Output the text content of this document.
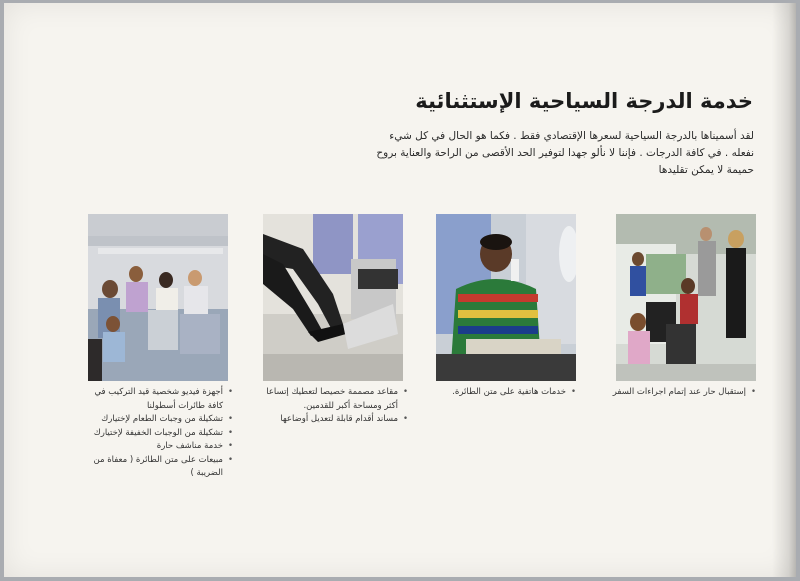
خدمة الدرجة السياحية الإستثنائية
لقد أسميناها بالدرجة السياحية لسعرها الإقتصادي فقط . فكما هو الحال في كل شيء نفعله . في كافة الدرجات . فإننا لا نألو جهدا لتوفير الحد الأقصى من الراحة والعناية بروح حميمة لا يمكن تقليدها
• أجهزة فيديو شخصية قيد التركيب في كافة طائرات أسطولنا
• تشكيلة من وجبات الطعام لإختيارك
• تشكيلة من الوجبات الخفيفة لإختيارك
• خدمة مناشف حارة
• مبيعات على متن الطائرة ( معفاة من الضريبة )
• مقاعد مصممة خصيصا لتعطيك إتساعا أكثر ومساحة أكبر للقدمين.
• مساند أقدام قابلة لتعديل أوضاعها
• خدمات هاتفية على متن الطائرة.
•	إستقبال حار عند إتمام اجراءات السفر
